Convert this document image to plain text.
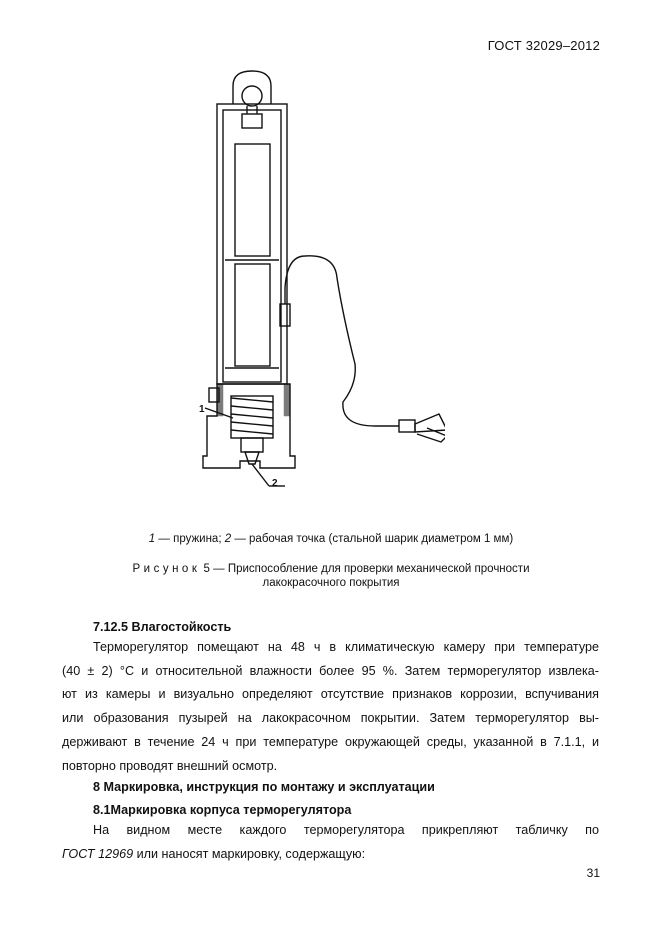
ГОСТ 32029–2012
1
2
1 — пружина; 2 — рабочая точка (стальной шарик диаметром 1 мм)
Рисунок 5 — Приспособление для проверки механической прочности
лакокрасочного покрытия
7.12.5 Влагостойкость
Терморегулятор помещают на 48 ч в климатическую камеру при температуре
(40 ± 2) °С и относительной влажности более 95 %. Затем терморегулятор извлека-
ют из камеры и визуально определяют отсутствие признаков коррозии, вспучивания
или образования пузырей на лакокрасочном покрытии. Затем терморегулятор вы-
держивают в течение 24 ч при температуре окружающей среды, указанной в 7.1.1, и
повторно проводят внешний осмотр.
8 Маркировка, инструкция по монтажу и эксплуатации
8.1Маркировка корпуса терморегулятора
На видном месте каждого терморегулятора прикрепляют табличку по
ГОСТ 12969 или наносят маркировку, содержащую:
31
